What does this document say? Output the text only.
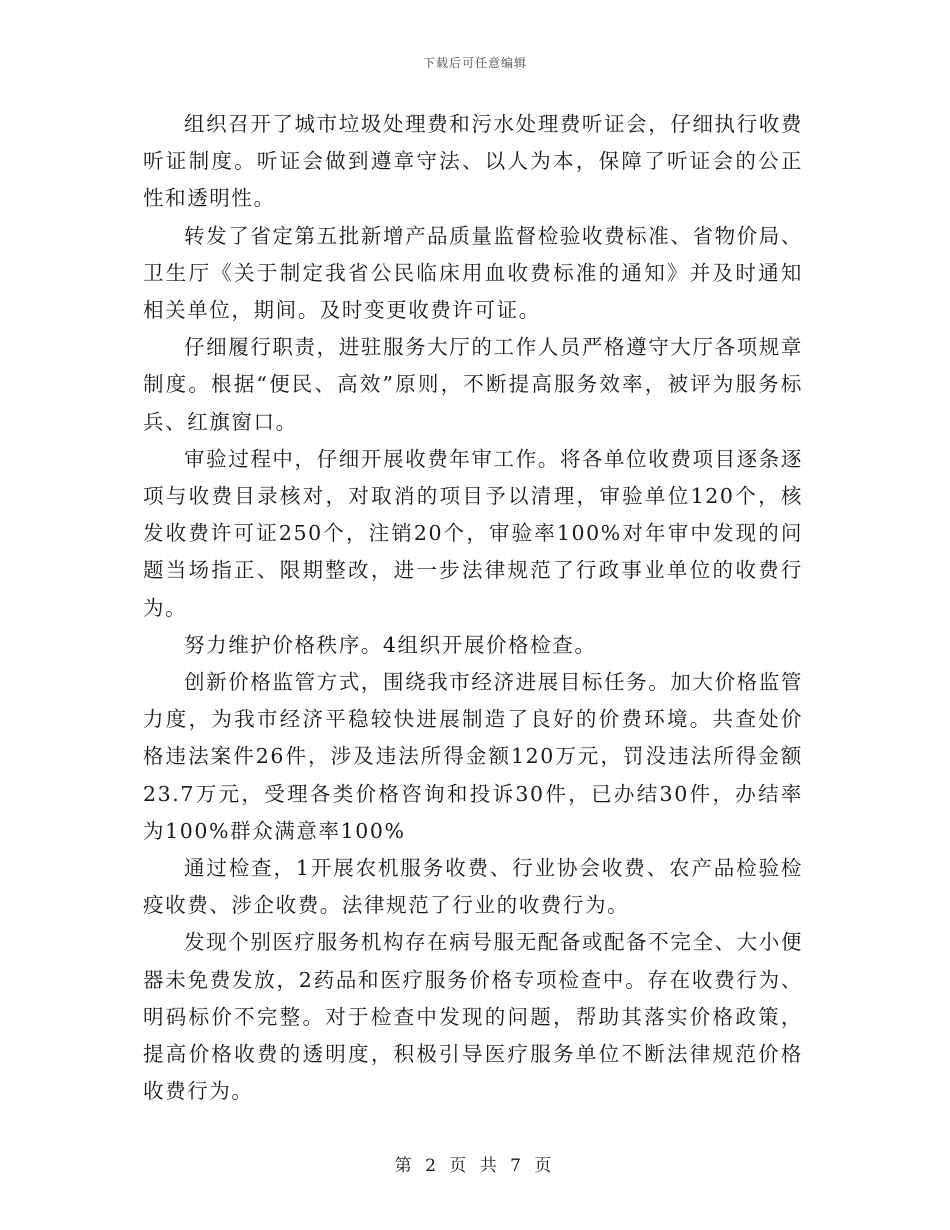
下载后可任意编辑

组织召开了城市垃圾处理费和污水处理费听证会，仔细执行收费听证制度。听证会做到遵章守法、以人为本，保障了听证会的公正性和透明性。

转发了省定第五批新增产品质量监督检验收费标准、省物价局、卫生厅《关于制定我省公民临床用血收费标准的通知》并及时通知相关单位，期间。及时变更收费许可证。

仔细履行职责，进驻服务大厅的工作人员严格遵守大厅各项规章制度。根据“便民、高效”原则，不断提高服务效率，被评为服务标兵、红旗窗口。

审验过程中，仔细开展收费年审工作。将各单位收费项目逐条逐项与收费目录核对，对取消的项目予以清理，审验单位120个，核发收费许可证250个，注销20个，审验率100%对年审中发现的问题当场指正、限期整改，进一步法律规范了行政事业单位的收费行为。

努力维护价格秩序。4组织开展价格检查。

创新价格监管方式，围绕我市经济进展目标任务。加大价格监管力度，为我市经济平稳较快进展制造了良好的价费环境。共查处价格违法案件26件，涉及违法所得金额120万元，罚没违法所得金额23.7万元，受理各类价格咨询和投诉30件，已办结30件，办结率为100%群众满意率100%

通过检查，1开展农机服务收费、行业协会收费、农产品检验检疫收费、涉企收费。法律规范了行业的收费行为。

发现个别医疗服务机构存在病号服无配备或配备不完全、大小便器未免费发放，2药品和医疗服务价格专项检查中。存在收费行为、明码标价不完整。对于检查中发现的问题，帮助其落实价格政策，提高价格收费的透明度，积极引导医疗服务单位不断法律规范价格收费行为。

第 2 页 共 7 页
